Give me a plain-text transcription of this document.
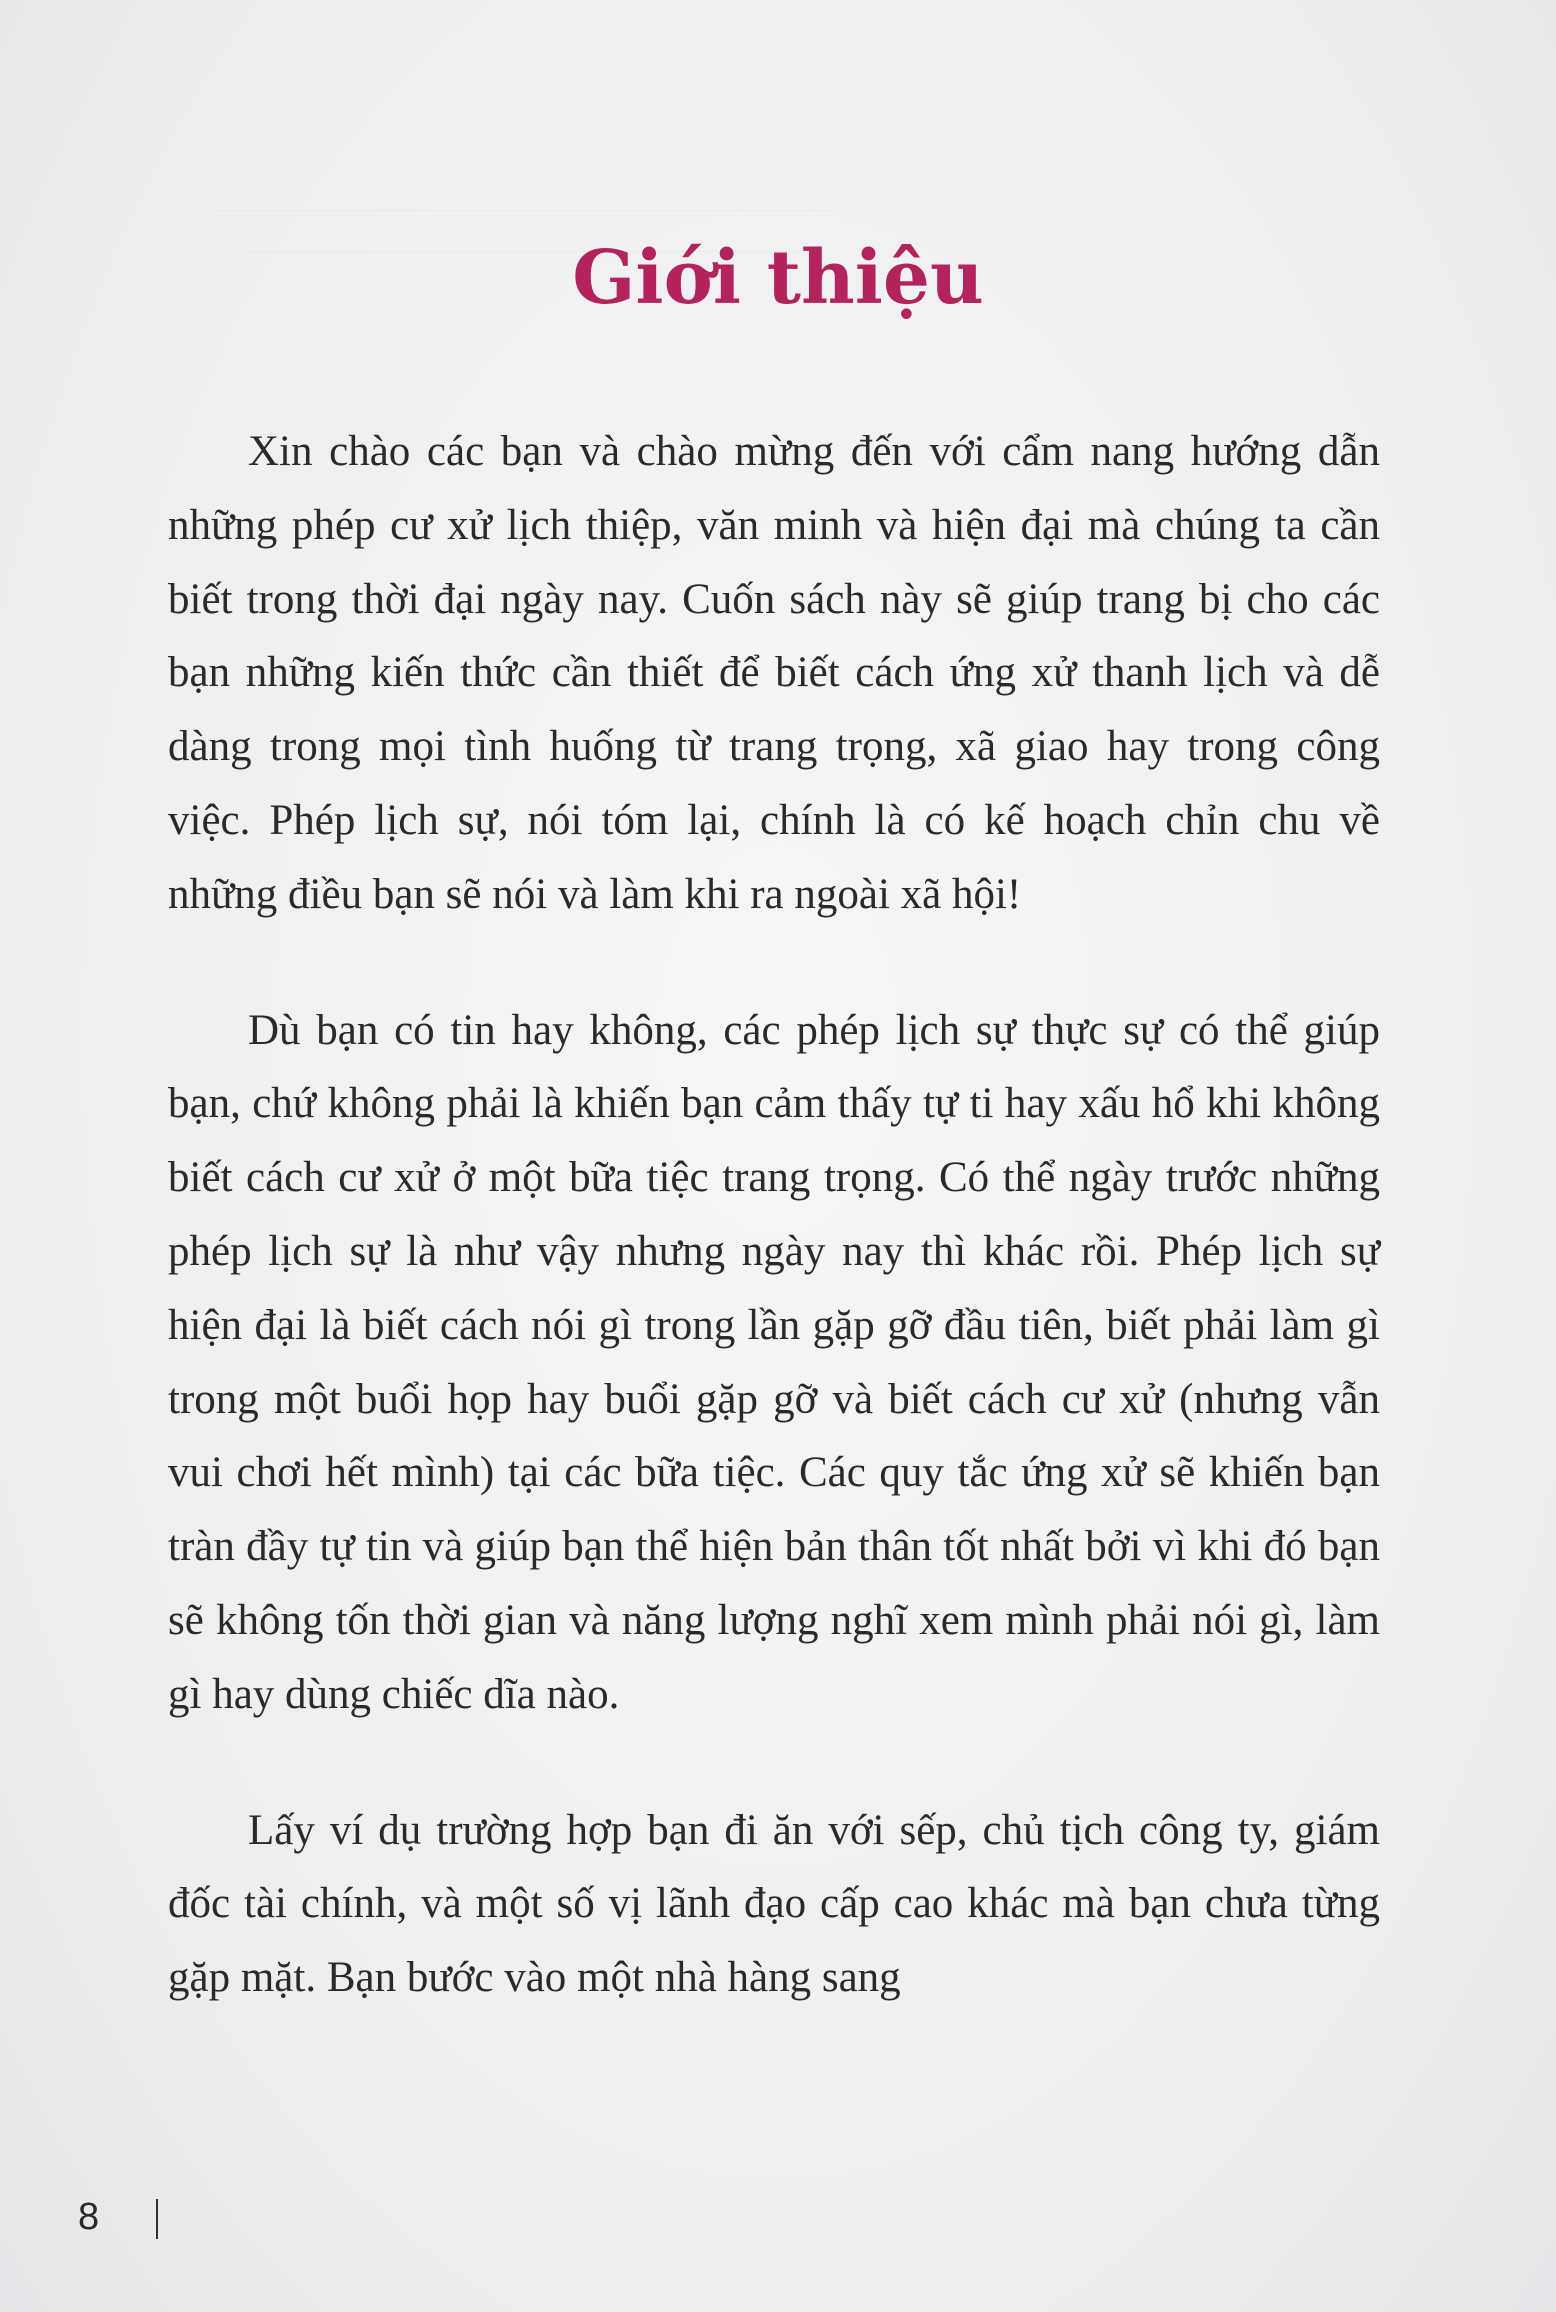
Giới thiệu

Xin chào các bạn và chào mừng đến với cẩm nang hướng dẫn những phép cư xử lịch thiệp, văn minh và hiện đại mà chúng ta cần biết trong thời đại ngày nay. Cuốn sách này sẽ giúp trang bị cho các bạn những kiến thức cần thiết để biết cách ứng xử thanh lịch và dễ dàng trong mọi tình huống từ trang trọng, xã giao hay trong công việc. Phép lịch sự, nói tóm lại, chính là có kế hoạch chỉn chu về những điều bạn sẽ nói và làm khi ra ngoài xã hội!

Dù bạn có tin hay không, các phép lịch sự thực sự có thể giúp bạn, chứ không phải là khiến bạn cảm thấy tự ti hay xấu hổ khi không biết cách cư xử ở một bữa tiệc trang trọng. Có thể ngày trước những phép lịch sự là như vậy nhưng ngày nay thì khác rồi. Phép lịch sự hiện đại là biết cách nói gì trong lần gặp gỡ đầu tiên, biết phải làm gì trong một buổi họp hay buổi gặp gỡ và biết cách cư xử (nhưng vẫn vui chơi hết mình) tại các bữa tiệc. Các quy tắc ứng xử sẽ khiến bạn tràn đầy tự tin và giúp bạn thể hiện bản thân tốt nhất bởi vì khi đó bạn sẽ không tốn thời gian và năng lượng nghĩ xem mình phải nói gì, làm gì hay dùng chiếc dĩa nào.

Lấy ví dụ trường hợp bạn đi ăn với sếp, chủ tịch công ty, giám đốc tài chính, và một số vị lãnh đạo cấp cao khác mà bạn chưa từng gặp mặt. Bạn bước vào một nhà hàng sang

8
